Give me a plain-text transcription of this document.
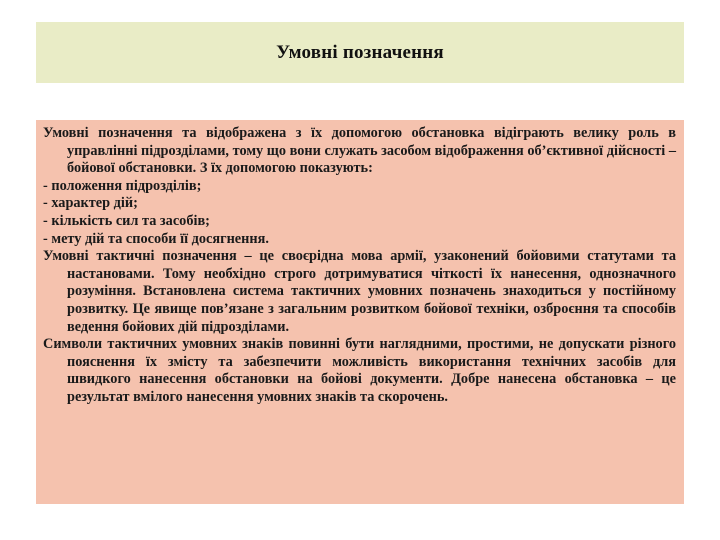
Умовні позначення

Умовні позначення та відображена з їх допомогою обстановка відіграють велику роль в управлінні підрозділами, тому що вони служать засобом відображення об’єктивної дійсності – бойової обстановки. З їх допомогою показують:

- положення підрозділів;

- характер дій;

- кількість сил та засобів;

- мету дій та способи її досягнення.

Умовні тактичні позначення – це своєрідна мова армії, узаконений бойовими статутами та настановами. Тому необхідно строго дотримуватися чіткості їх нанесення, однозначного розуміння. Встановлена система тактичних умовних позначень знаходиться у постійному розвитку. Це явище пов’язане з загальним розвитком бойової техніки, озброєння та способів ведення бойових дій підрозділами.

Символи тактичних умовних знаків повинні бути наглядними, простими, не допускати різного пояснення їх змісту та забезпечити можливість використання технічних засобів для швидкого нанесення обстановки на бойові документи. Добре нанесена обстановка – це результат вмілого нанесення умовних знаків та скорочень.
